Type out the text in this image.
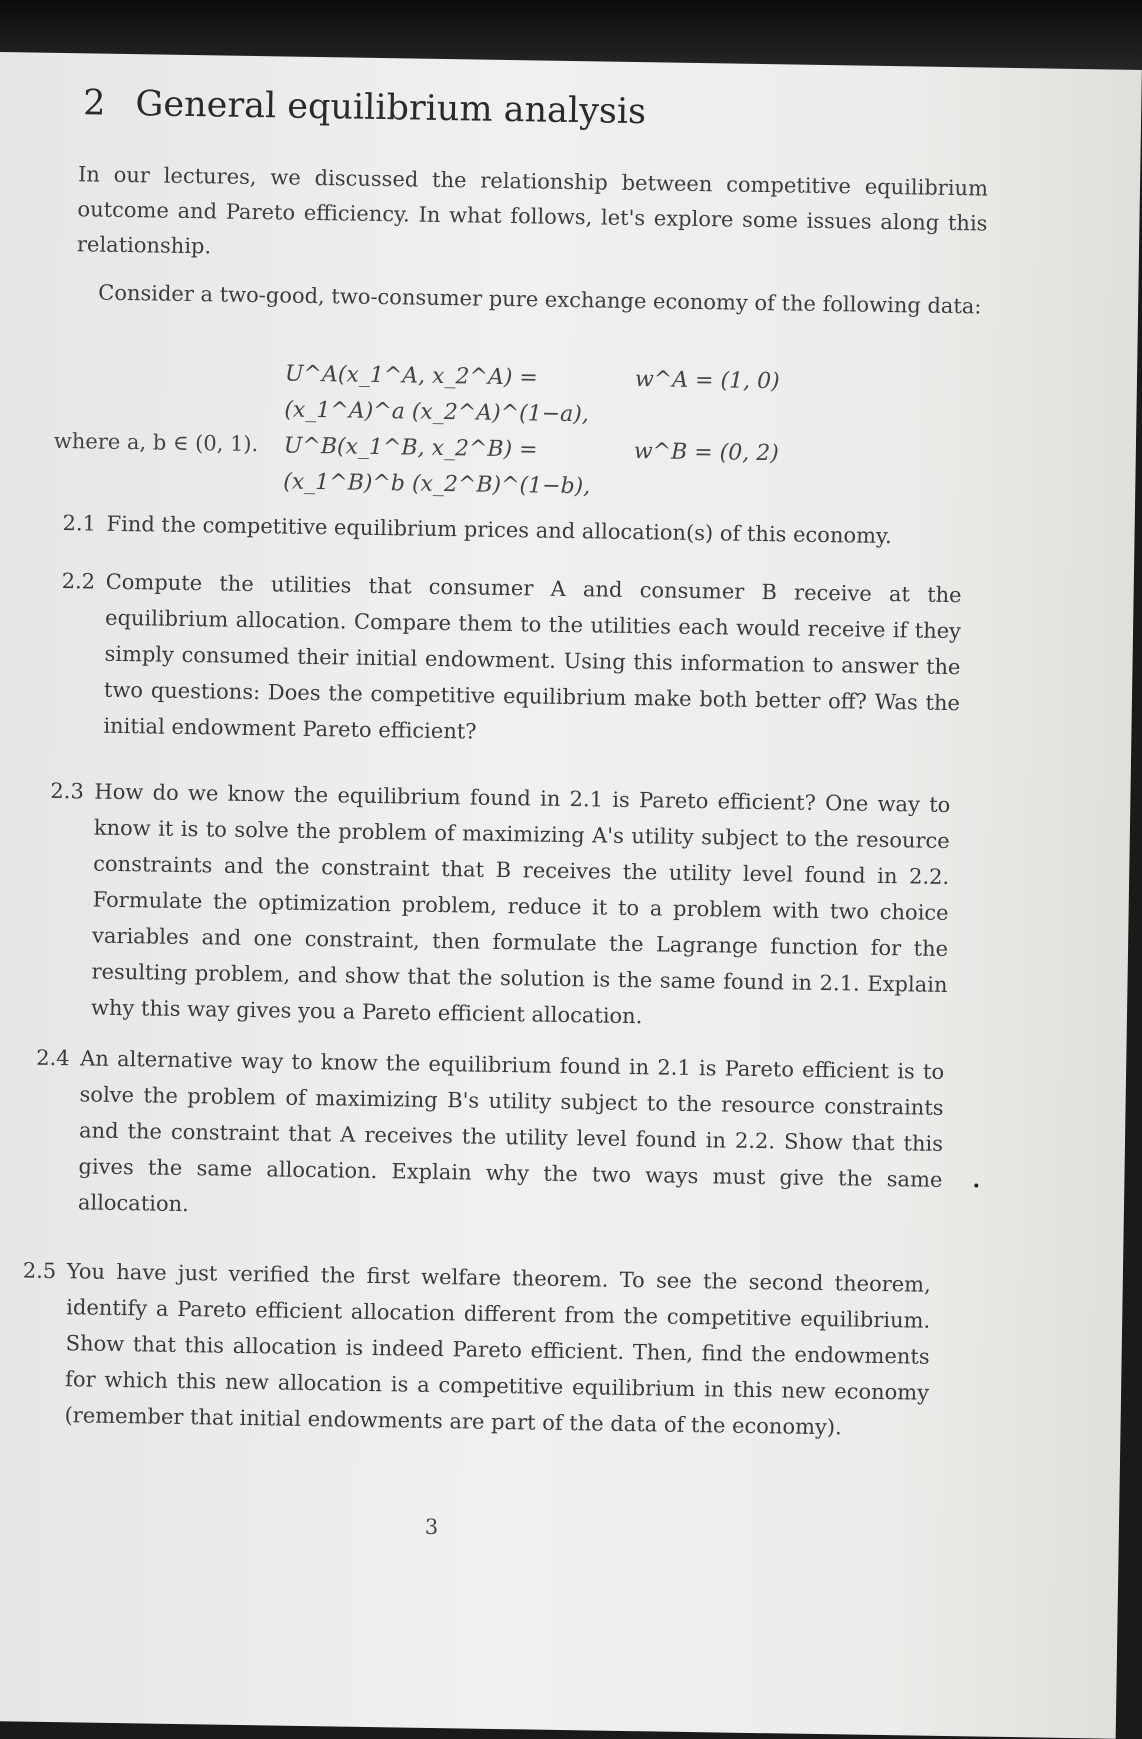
2 General equilibrium analysis

In our lectures, we discussed the relationship between competitive equilibrium outcome and Pareto efficiency. In what follows, let's explore some issues along this relationship.

Consider a two-good, two-consumer pure exchange economy of the following data:

U^A(x_1^A, x_2^A) = (x_1^A)^a (x_2^A)^(1−a),
w^A = (1, 0)
U^B(x_1^B, x_2^B) = (x_1^B)^b (x_2^B)^(1−b),
w^B = (0, 2)
where a, b ∈ (0, 1).
2.1 Find the competitive equilibrium prices and allocation(s) of this economy.
2.2 Compute the utilities that consumer A and consumer B receive at the equilibrium allocation. Compare them to the utilities each would receive if they simply consumed their initial endowment. Using this information to answer the two questions: Does the competitive equilibrium make both better off? Was the initial endowment Pareto efficient?
2.3 How do we know the equilibrium found in 2.1 is Pareto efficient? One way to know it is to solve the problem of maximizing A's utility subject to the resource constraints and the constraint that B receives the utility level found in 2.2. Formulate the optimization problem, reduce it to a problem with two choice variables and one constraint, then formulate the Lagrange function for the resulting problem, and show that the solution is the same found in 2.1. Explain why this way gives you a Pareto efficient allocation.
2.4 An alternative way to know the equilibrium found in 2.1 is Pareto efficient is to solve the problem of maximizing B's utility subject to the resource constraints and the constraint that A receives the utility level found in 2.2. Show that this gives the same allocation. Explain why the two ways must give the same allocation.
2.5 You have just verified the first welfare theorem. To see the second theorem, identify a Pareto efficient allocation different from the competitive equilibrium. Show that this allocation is indeed Pareto efficient. Then, find the endowments for which this new allocation is a competitive equilibrium in this new economy (remember that initial endowments are part of the data of the economy).
3
